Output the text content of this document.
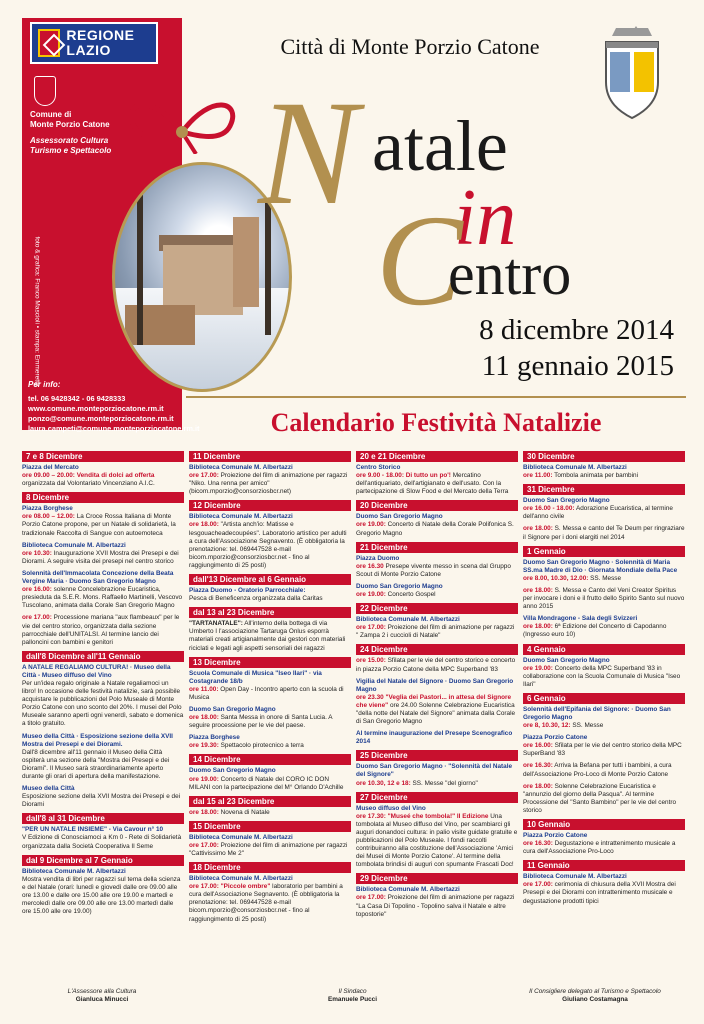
REGIONE LAZIO
Comune di
Monte Porzio Catone
Assessorato Cultura
Turismo e Spettacolo
foto & grafica: Franco Mascioli • stampa: Emmeretta
Per info:
tel. 06 9428342 - 06 9428333
www.comune.monteporziocatone.rm.it
ponzo@comune.monteporziocatone.rm.it
laura.campeti@comune.monteporziocatone.rm.it
Città di Monte Porzio Catone
N atale
in
C
entro
8 dicembre 2014
11 gennaio 2015
Calendario Festività Natalizie
7 e 8 Dicembre
Piazza del Mercato
ore 09.00 – 20.00: Vendita di dolci ad offerta organizzata dal Volontariato Vincenziano A.I.C.
8 Dicembre
Piazza Borghese
ore 08.00 – 12.00: La Croce Rossa Italiana di Monte Porzio Catone propone, per un Natale di solidarietà, la tradizionale Raccolta di Sangue con autoemoteca
Biblioteca Comunale M. Albertazzi
ore 10.30: Inaugurazione XVII Mostra dei Presepi e dei Diorami. A seguire visita dei presepi nel centro storico
Solennità dell'Immacolata Concezione della Beata Vergine Maria · Duomo San Gregorio Magno
ore 16.00: solenne Concelebrazione Eucaristica, presieduta da S.E.R. Mons. Raffaello Martinelli, Vescovo Tuscolano, animata dalla Corale San Gregorio Magno
ore 17.00: Processione mariana "aux flambeaux" per le vie del centro storico, organizzata dalla sezione parrocchiale dell'UNITALSI. Al termine lancio dei palloncini con bambini e genitori
dall'8 Dicembre all'11 Gennaio
A NATALE REGALIAMO CULTURA! · Museo della Città - Museo diffuso del Vino
Per un'idea regalo originale a Natale regaliamoci un libro! In occasione delle festività natalizie, sarà possibile acquistare le pubblicazioni del Polo Museale di Monte Porzio Catone con uno sconto del 20%. I musei del Polo Museale saranno aperti ogni venerdì, sabato e domenica a titolo gratuito.
Museo della Città · Esposizione sezione della XVII Mostra dei Presepi e dei Diorami.
Dall'8 dicembre all'11 gennaio il Museo della Città ospiterà una sezione della "Mostra dei Presepi e dei Diorami". Il Museo sarà straordinariamente aperto durante gli orari di apertura della manifestazione.
Museo della Città
Esposizione sezione della XVII Mostra dei Presepi e dei Diorami
dall'8 al 31 Dicembre
"PER UN NATALE INSIEME" - Via Cavour n° 10
V Edizione di Conosciamoci a Km 0 - Rete di Solidarietà organizzata dalla Società Cooperativa Il Seme
dal 9 Dicembre al 7 Gennaio
Biblioteca Comunale M. Albertazzi
Mostra vendita di libri per ragazzi sul tema della scienza e del Natale (orari: lunedì e giovedì dalle ore 09.00 alle ore 13.00 e dalle ore 15.00 alle ore 19.00 e martedì e mercoledì dalle ore 09.00 alle ore 13.00 martedì dalle ore 15.00 alle ore 19.00)
11 Dicembre
Biblioteca Comunale M. Albertazzi
ore 17.00: Proiezione del film di animazione per ragazzi "Niko. Una renna per amico" (bicom.mporzio@consorziosbcr.net)
12 Dicembre
Biblioteca Comunale M. Albertazzi
ore 18.00: "Artista anch'io: Matisse e lesgouacheadecoupées". Laboratorio artistico per adulti a cura dell'Associazione Segnavento. (È obbligatoria la prenotazione: tel. 069447528 e-mail bicom.mporzio@consorziosbcr.net - fino al raggiungimento di 25 posti)
dall'13 Dicembre al 6 Gennaio
Piazza Duomo - Oratorio Parrocchiale:
Pesca di Beneficenza organizzata dalla Caritas
dal 13 al 23 Dicembre
"TARTANATALE": All'interno della bottega di via Umberto I l'associazione Tartaruga Onlus esporrà materiali creati artigianalmente dai gestori con materiali riciclati e legati agli aspetti sensoriali dei ragazzi
13 Dicembre
Scuola Comunale di Musica "Iseo Ilari" · via Costagrande 18/b
ore 11.00: Open Day - Incontro aperto con la scuola di Musica
Duomo San Gregorio Magno
ore 18.00: Santa Messa in onore di Santa Lucia. A seguire processione per le vie del paese.
Piazza Borghese
ore 19.30: Spettacolo pirotecnico a terra
14 Dicembre
Duomo San Gregorio Magno
ore 19.00: Concerto di Natale del CORO IC DON MILANI con la partecipazione del M° Orlando D'Achille
dal 15 al 23 Dicembre
ore 18.00: Novena di Natale
15 Dicembre
Biblioteca Comunale M. Albertazzi
ore 17.00: Proiezione del film di animazione per ragazzi "Cattivissimo Me 2"
18 Dicembre
Biblioteca Comunale M. Albertazzi
ore 17.00: "Piccole ombre" laboratorio per bambini a cura dell'Associazione Segnavento. (È obbligatoria la prenotazione: tel. 069447528 e-mail bicom.mporzio@consorziosbcr.net - fino al raggiungimento di 25 posti)
20 e 21 Dicembre
Centro Storico
ore 9.00 - 18.00: Di tutto un po'! Mercatino dell'antiquariato, dell'artigianato e dell'usato. Con la partecipazione di Slow Food e del Mercato della Terra
20 Dicembre
Duomo San Gregorio Magno
ore 19.00: Concerto di Natale della Corale Polifonica S. Gregorio Magno
21 Dicembre
Piazza Duomo
ore 16.30 Presepe vivente messo in scena dal Gruppo Scout di Monte Porzio Catone
Duomo San Gregorio Magno
ore 19.00: Concerto Gospel
22 Dicembre
Biblioteca Comunale M. Albertazzi
ore 17.00: Proiezione del film di animazione per ragazzi " Zampa 2 i cuccioli di Natale"
24 Dicembre
ore 15.00: Sfilata per le vie del centro storico e concerto in piazza Porzio Catone della MPC Superband '83
Vigilia del Natale del Signore · Duomo San Gregorio Magno
ore 23.30 "Veglia dei Pastori... in attesa del Signore che viene" ore 24.00 Solenne Celebrazione Eucaristica "della notte del Natale del Signore" animata dalla Corale di San Gregorio Magno
Al termine inaugurazione del Presepe Scenografico 2014
25 Dicembre
Duomo San Gregorio Magno · "Solennità del Natale del Signore"
ore 10.30, 12 e 18: SS. Messe "del giorno"
27 Dicembre
Museo diffuso del Vino
ore 17.30: "Museé che tombola!" II Edizione Una tombolata al Museo diffuso del Vino, per scambiarci gli auguri donandoci cultura: in palio visite guidate gratuite e pubblicazioni del Polo Museale. I fondi raccolti contribuiranno alla costituzione dell'Associazione 'Amici dei Musei di Monte Porzio Catone'. Al termine della tombolata brindisi di auguri con spumante Frascati Doc!
29 Dicembre
Biblioteca Comunale M. Albertazzi
ore 17.00: Proiezione del film di animazione per ragazzi "La Casa Di Topolino - Topolino salva il Natale e altre topostorie"
30 Dicembre
Biblioteca Comunale M. Albertazzi
ore 11.00: Tombola animata per bambini
31 Dicembre
Duomo San Gregorio Magno
ore 16.00 - 18.00: Adorazione Eucaristica, al termine dell'anno civile
ore 18.00: S. Messa e canto del Te Deum per ringraziare il Signore per i doni elargiti nel 2014
1 Gennaio
Duomo San Gregorio Magno · Solennità di Maria SS.ma Madre di Dio · Giornata Mondiale della Pace
ore 8.00, 10.30, 12.00: SS. Messe
ore 18.00: S. Messa e Canto del Veni Creator Spiritus per invocare i doni e il frutto dello Spirito Santo sul nuovo anno 2015
Villa Mondragone - Sala degli Svizzeri
ore 18.00: 6ª Edizione del Concerto di Capodanno (Ingresso euro 10)
4 Gennaio
Duomo San Gregorio Magno
ore 19.00: Concerto della MPC Superband '83 in collaborazione con la Scuola Comunale di Musica "Iseo Ilari"
6 Gennaio
Solennità dell'Epifania del Signore: · Duomo San Gregorio Magno
ore 8, 10.30, 12: SS. Messe
Piazza Porzio Catone
ore 16.00: Sfilata per le vie del centro storico della MPC SuperBand '83
ore 16.30: Arriva la Befana per tutti i bambini, a cura dell'Associazione Pro-Loco di Monte Porzio Catone
ore 18.00: Solenne Celebrazione Eucaristica e "annunzio del giorno della Pasqua". Al termine Processione del "Santo Bambino" per le vie del centro storico
10 Gennaio
Piazza Porzio Catone
ore 16.30: Degustazione e intrattenimento musicale a cura dell'Associazione Pro-Loco
11 Gennaio
Biblioteca Comunale M. Albertazzi
ore 17.00: cerimonia di chiusura della XVII Mostra dei Presepi e dei Diorami con intrattenimento musicale e degustazione prodotti tipici
L'Assessore alla Cultura
Gianluca Minucci
Il Sindaco
Emanuele Pucci
Il Consigliere delegato al Turismo e Spettacolo
Giuliano Costamagna
